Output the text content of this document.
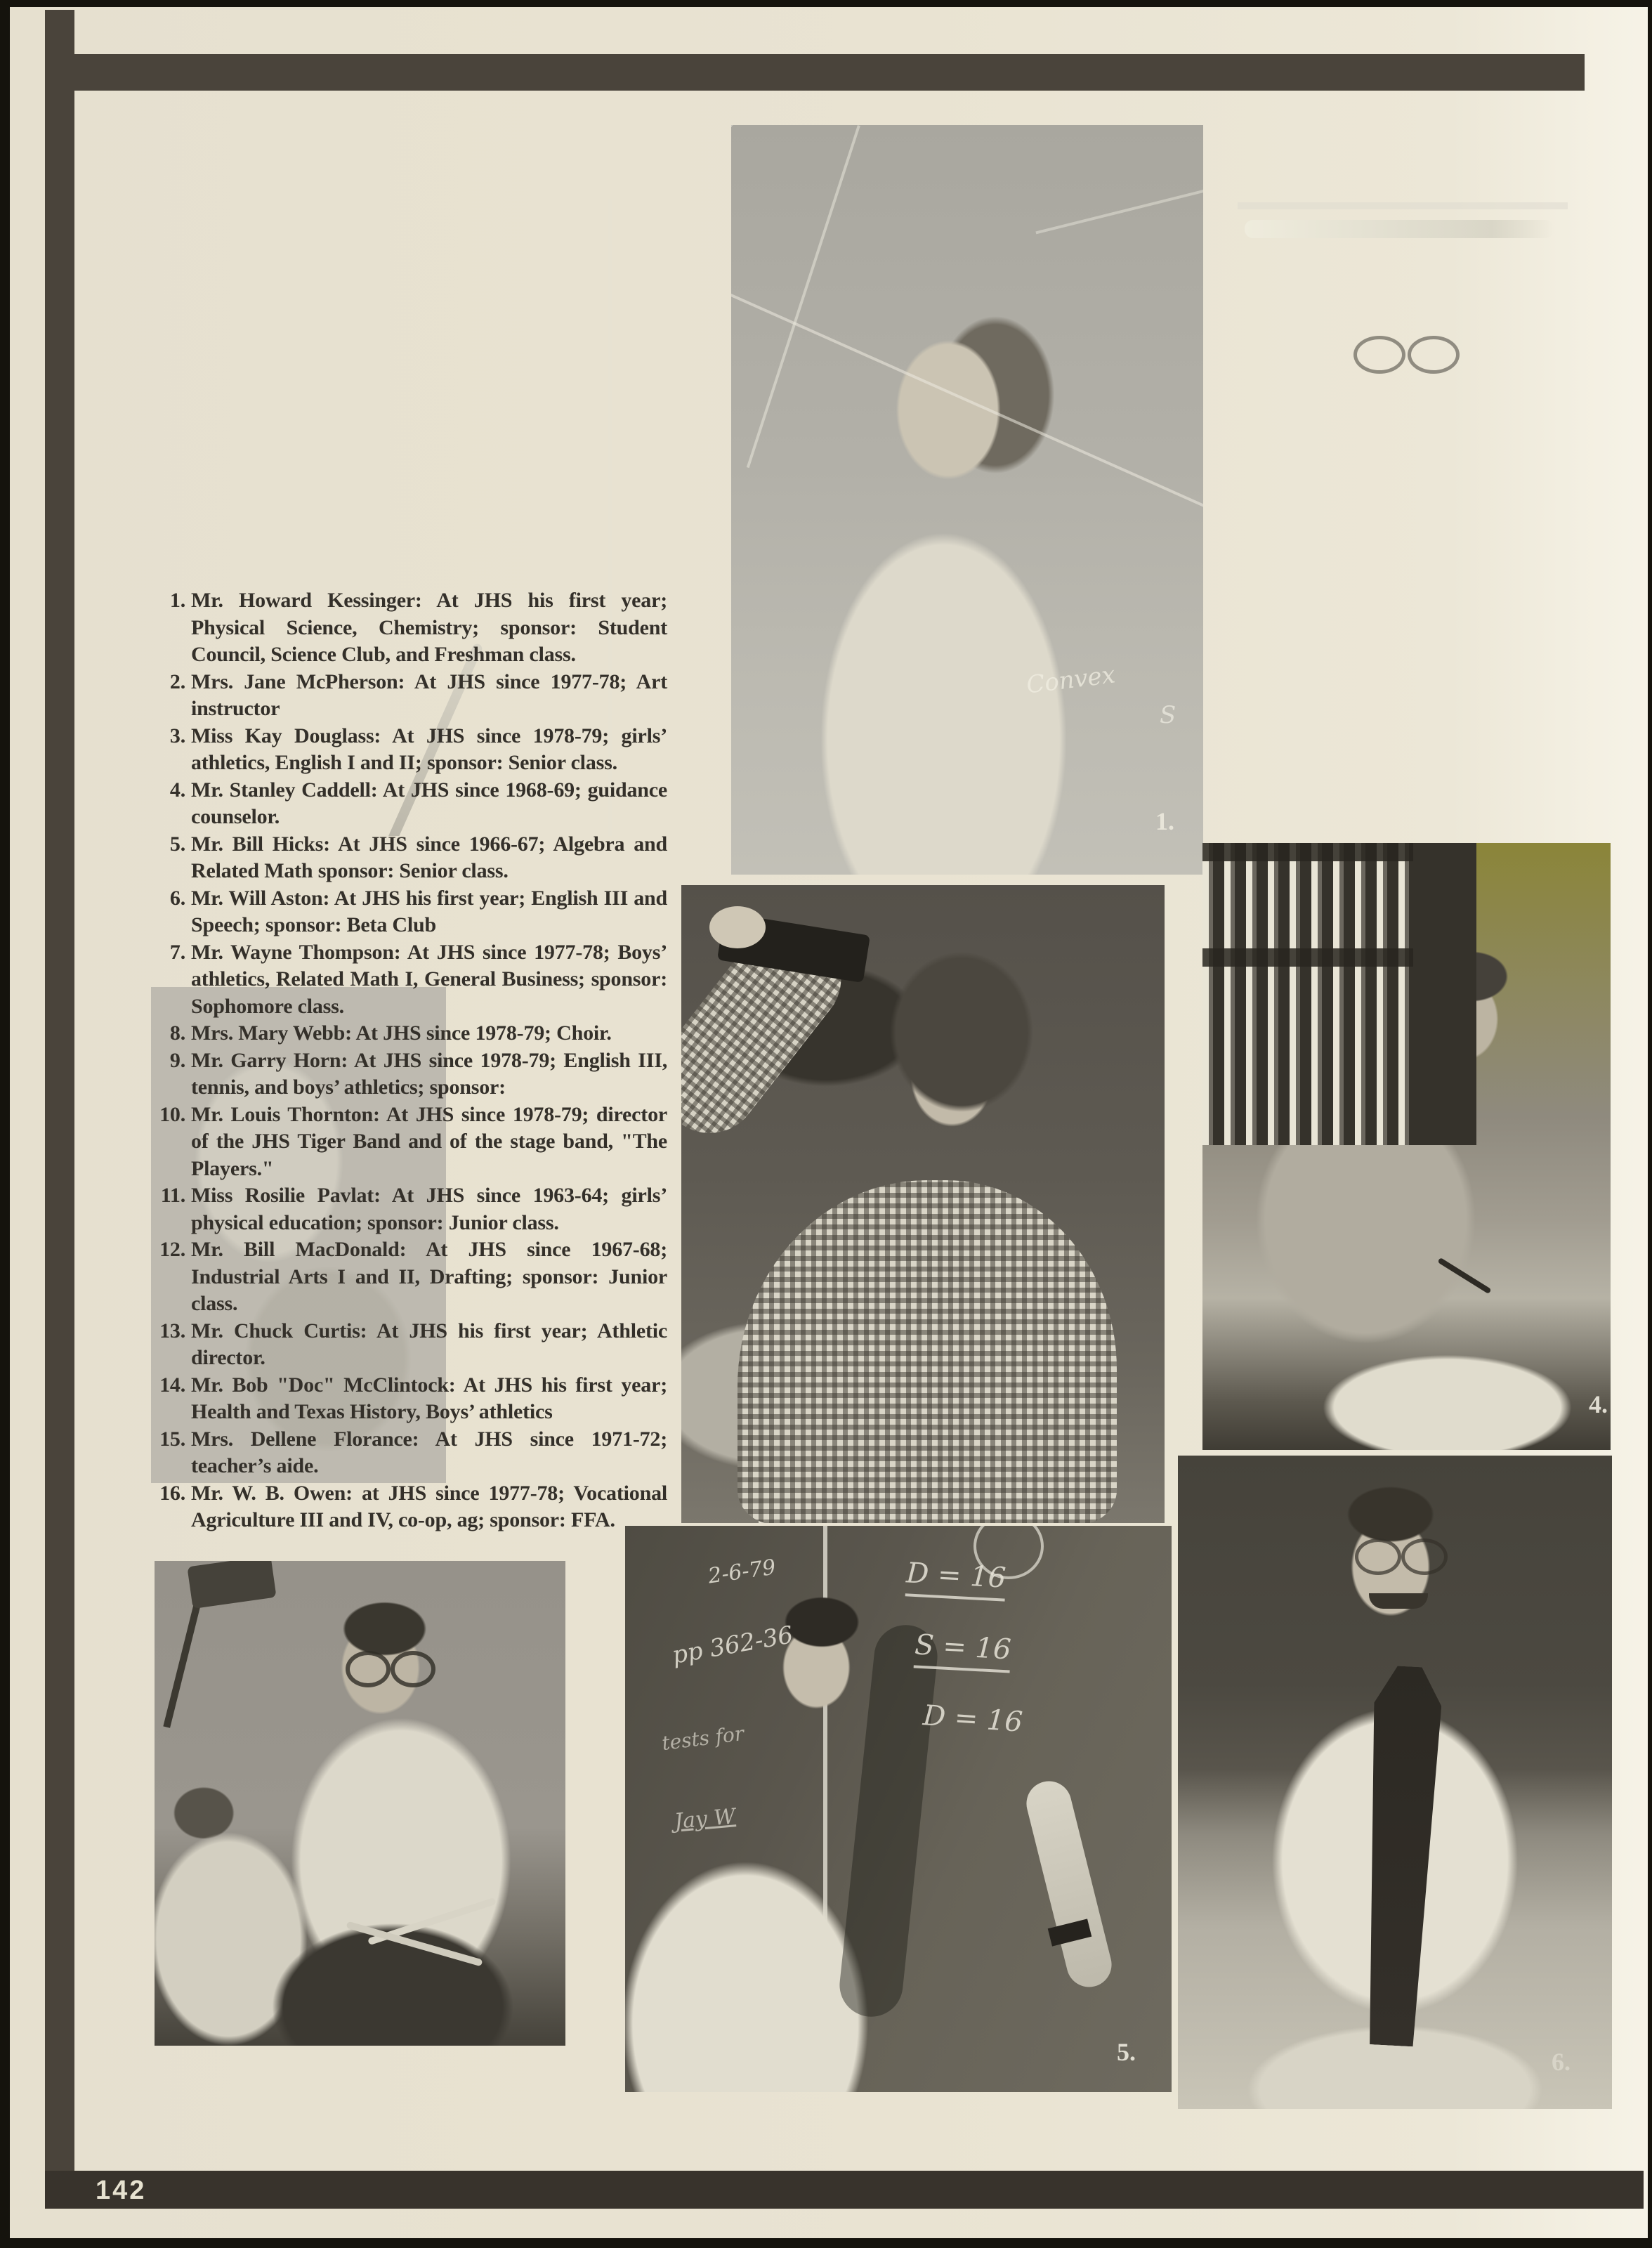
142
Convex
S
1.
4.
2-6-79
pp 362-36
tests for
Jay W
D = 16
S = 16
D = 16
5.	6.
1. Mr. Howard Kessinger: At JHS his first year; Physical Science, Chemistry; sponsor: Student Council, Science Club, and Freshman class.
2. Mrs. Jane McPherson: At JHS since 1977-78; Art instructor
3. Miss Kay Douglass: At JHS since 1978-79; girls’ athletics, English I and II; sponsor: Senior class.
4. Mr. Stanley Caddell: At JHS since 1968-69; guidance counselor.
5. Mr. Bill Hicks: At JHS since 1966-67; Algebra and Related Math sponsor: Senior class.
6. Mr. Will Aston: At JHS his first year; English III and Speech; sponsor: Beta Club
7. Mr. Wayne Thompson: At JHS since 1977-78; Boys’ athletics, Related Math I, General Business; sponsor: Sophomore class.
8. Mrs. Mary Webb: At JHS since 1978-79; Choir.
9. Mr. Garry Horn: At JHS since 1978-79; English III, tennis, and boys’ athletics; sponsor:
10. Mr. Louis Thornton: At JHS since 1978-79; director of the JHS Tiger Band and of the stage band, "The Players."
11. Miss Rosilie Pavlat: At JHS since 1963-64; girls’ physical education; sponsor: Junior class.
12. Mr. Bill MacDonald: At JHS since 1967-68; Industrial Arts I and II, Drafting; sponsor: Junior class.
13. Mr. Chuck Curtis: At JHS his first year; Athletic director.
14. Mr. Bob "Doc" McClintock: At JHS his first year; Health and Texas History, Boys’ athletics
15. Mrs. Dellene Florance: At JHS since 1971-72; teacher’s aide.
16. Mr. W. B. Owen: at JHS since 1977-78; Vocational Agriculture III and IV, co-op, ag; sponsor: FFA.
